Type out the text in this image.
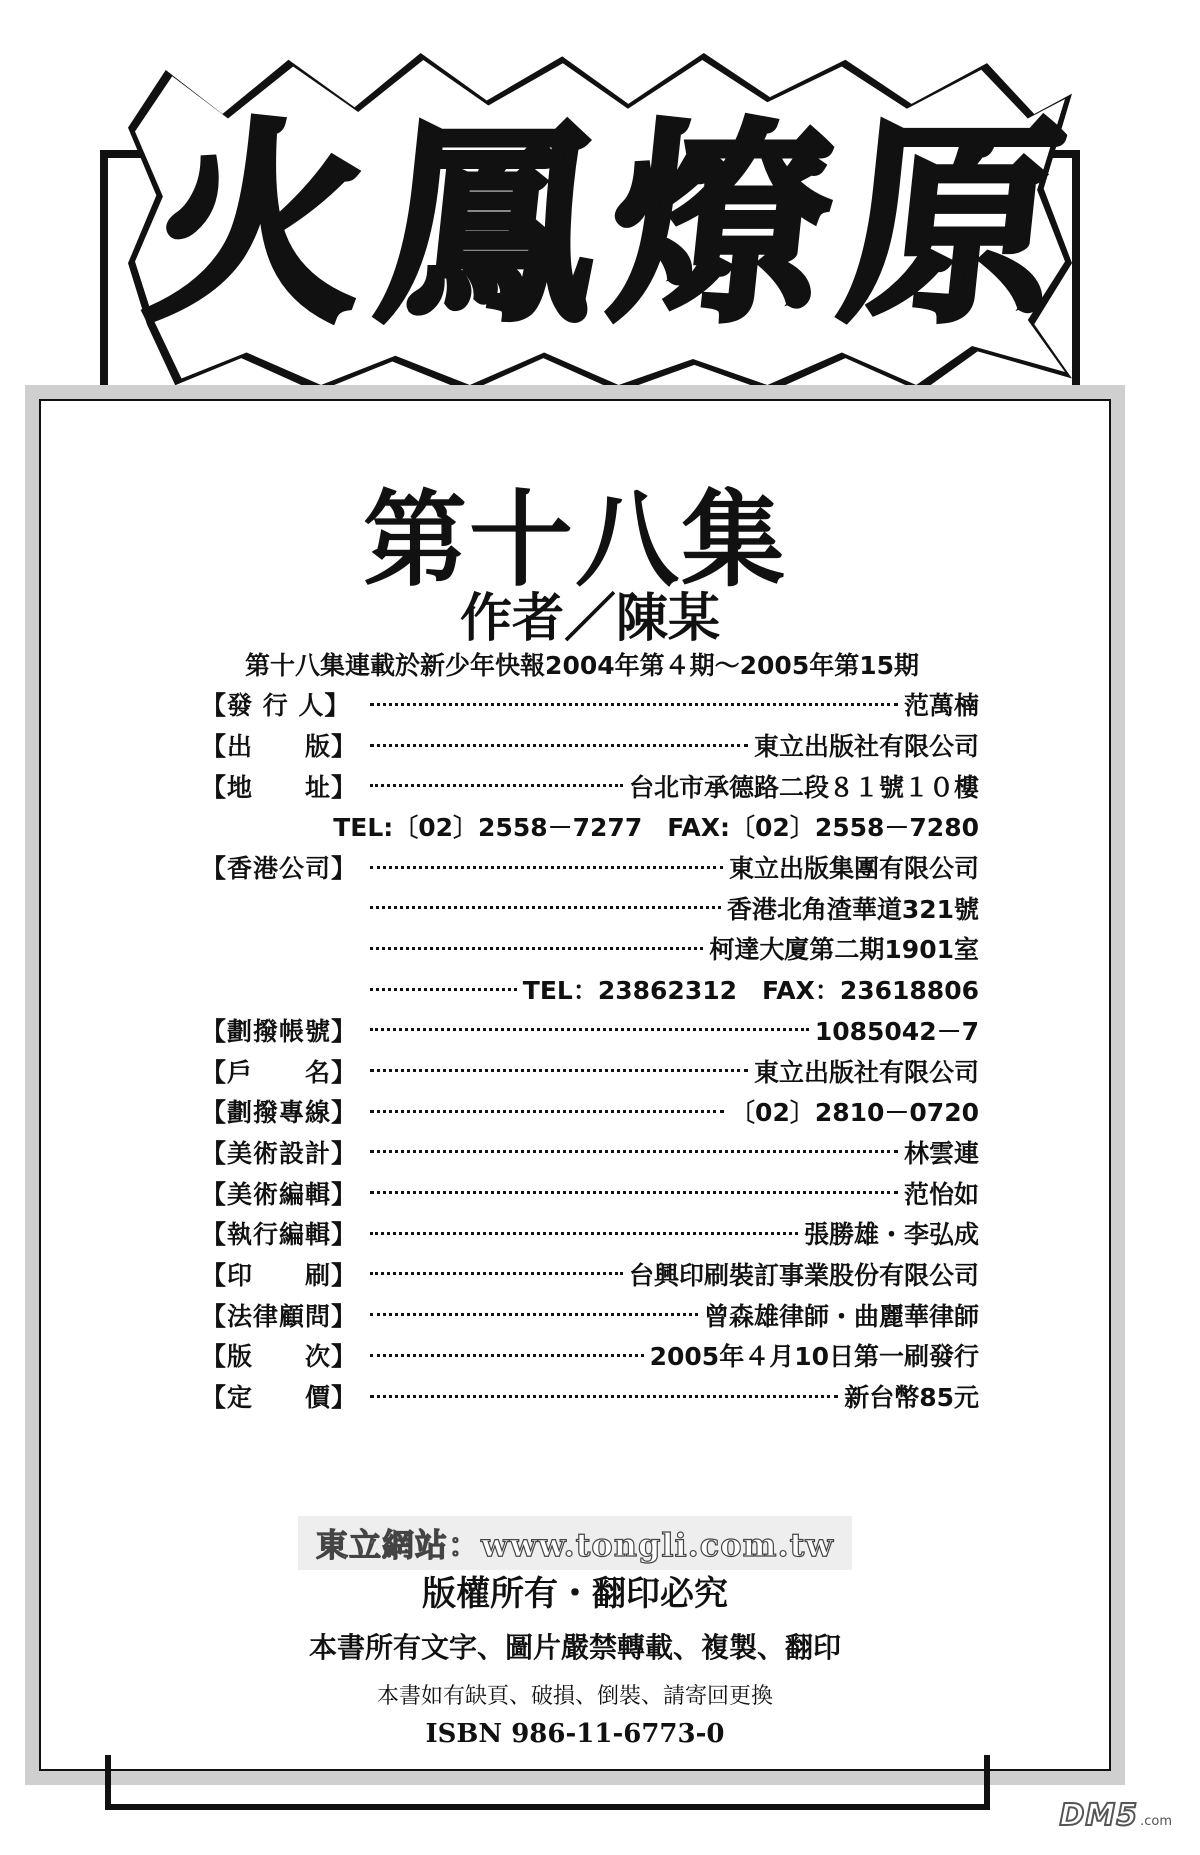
火 鳳 燎 原
第十八集
作者／陳某
第十八集連載於新少年快報2004年第４期～2005年第15期
【發 行 人】	范萬楠
【出　　版】	東立出版社有限公司
【地　　址】	台北市承德路二段８１號１０樓
TEL:〔02〕2558－7277　FAX:〔02〕2558－7280
【香港公司】	東立出版集團有限公司
香港北角渣華道321號
柯達大廈第二期1901室
TEL：23862312　FAX：23618806
【劃撥帳號】	1085042－7
【戶　　名】	東立出版社有限公司
【劃撥專線】	〔02〕2810－0720
【美術設計】	林雲連
【美術編輯】	范怡如
【執行編輯】	張勝雄・李弘成
【印　　刷】	台興印刷裝訂事業股份有限公司
【法律顧問】	曾森雄律師・曲麗華律師
【版　　次】	2005年４月10日第一刷發行
【定　　價】	新台幣85元
東立網站：www.tongli.com.tw
版權所有・翻印必究
本書所有文字、圖片嚴禁轉載、複製、翻印
本書如有缺頁、破損、倒裝、請寄回更換
ISBN 986-11-6773-0
DM5 .com
